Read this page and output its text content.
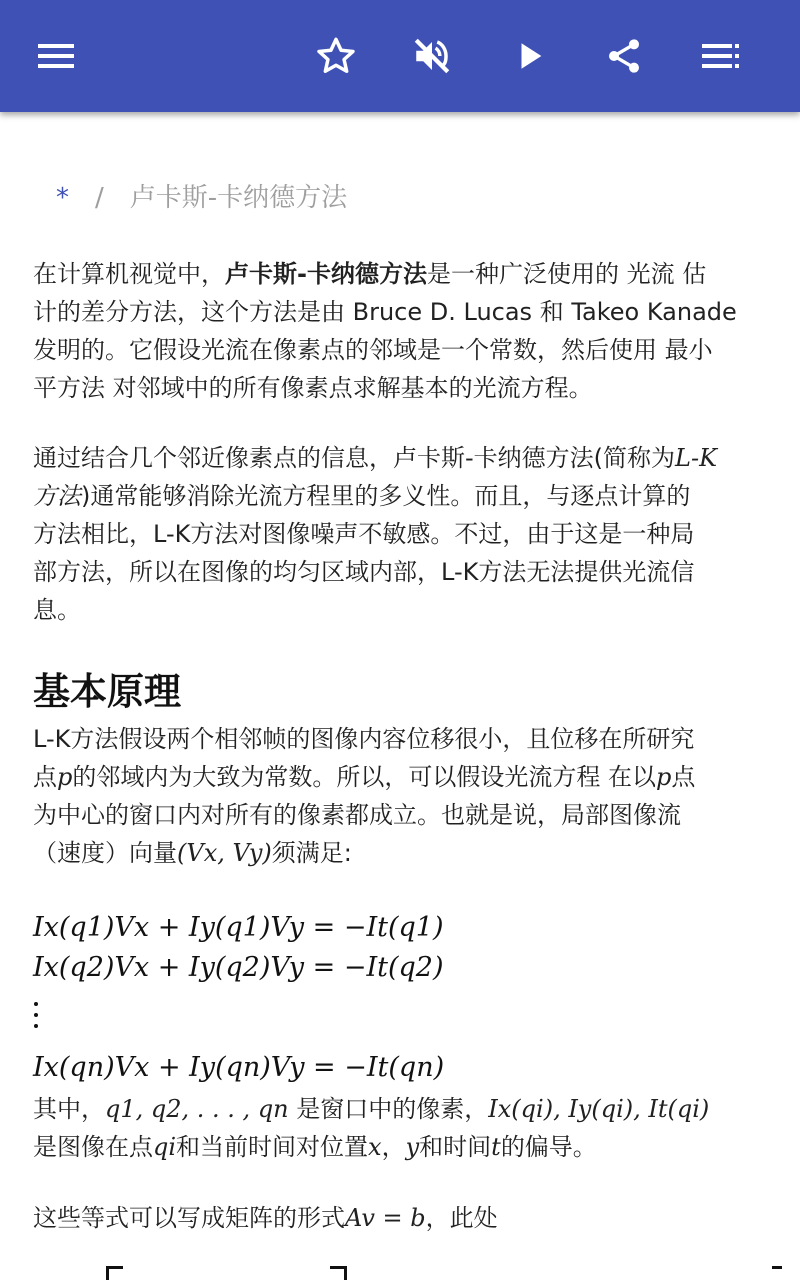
* / 卢卡斯-卡纳德方法
在计算机视觉中，卢卡斯-卡纳德方法是一种广泛使用的 光流 估
计的差分方法，这个方法是由 Bruce D. Lucas 和 Takeo Kanade
发明的。它假设光流在像素点的邻域是一个常数，然后使用 最小
平方法 对邻域中的所有像素点求解基本的光流方程。
通过结合几个邻近像素点的信息，卢卡斯-卡纳德方法(简称为L-K
方法)通常能够消除光流方程里的多义性。而且，与逐点计算的
方法相比，L-K方法对图像噪声不敏感。不过，由于这是一种局
部方法，所以在图像的均匀区域内部，L-K方法无法提供光流信
息。
基本原理
L-K方法假设两个相邻帧的图像内容位移很小，且位移在所研究
点p的邻域内为大致为常数。所以，可以假设光流方程 在以p点
为中心的窗口内对所有的像素都成立。也就是说，局部图像流
（速度）向量(Vx, Vy)须满足:
Ix(q1)Vx + Iy(q1)Vy = −It(q1)
Ix(q2)Vx + Iy(q2)Vy = −It(q2)
Ix(qn)Vx + Iy(qn)Vy = −It(qn)
其中，q1, q2, . . . , qn 是窗口中的像素，Ix(qi), Iy(qi), It(qi)
是图像在点qi和当前时间对位置x，y和时间t的偏导。
这些等式可以写成矩阵的形式Av = b，此处
